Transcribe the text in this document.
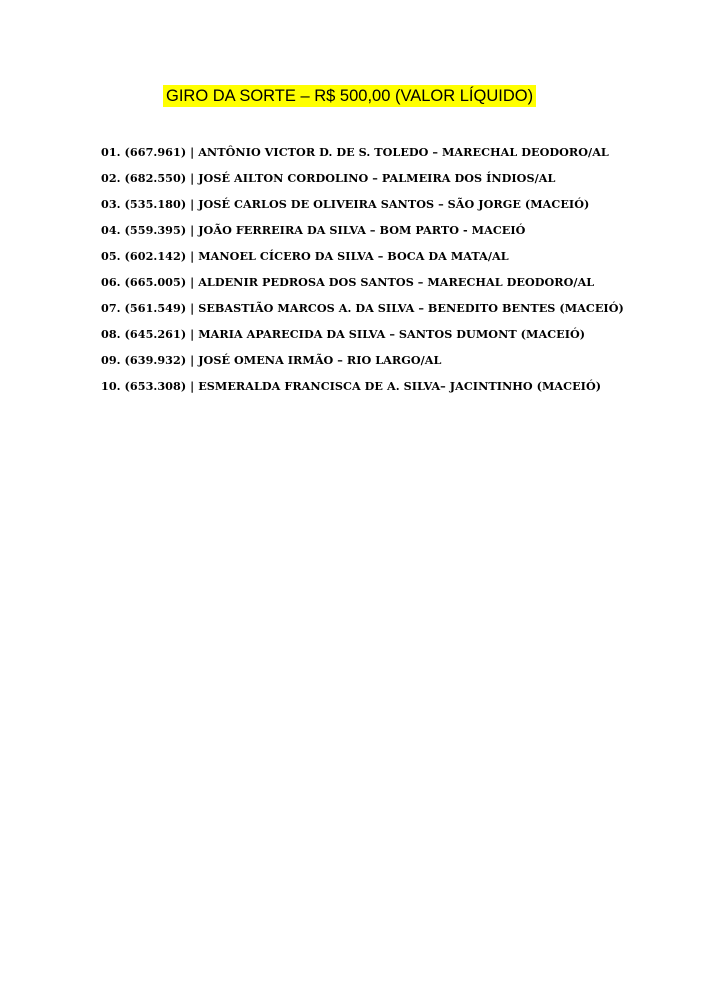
GIRO DA SORTE – R$ 500,00 (VALOR LÍQUIDO)
01. (667.961) | ANTÔNIO VICTOR D. DE S. TOLEDO – MARECHAL DEODORO/AL
02. (682.550) | JOSÉ AILTON CORDOLINO – PALMEIRA DOS ÍNDIOS/AL
03. (535.180) | JOSÉ CARLOS DE OLIVEIRA SANTOS – SÃO JORGE (MACEIÓ)
04. (559.395) | JOÃO FERREIRA DA SILVA – BOM PARTO - MACEIÓ
05. (602.142) | MANOEL CÍCERO DA SILVA – BOCA DA MATA/AL
06. (665.005) | ALDENIR PEDROSA DOS SANTOS – MARECHAL DEODORO/AL
07. (561.549) | SEBASTIÃO MARCOS A. DA SILVA – BENEDITO BENTES (MACEIÓ)
08. (645.261) | MARIA APARECIDA DA SILVA – SANTOS DUMONT (MACEIÓ)
09. (639.932) | JOSÉ OMENA IRMÃO – RIO LARGO/AL
10. (653.308) | ESMERALDA FRANCISCA DE A. SILVA– JACINTINHO (MACEIÓ)
